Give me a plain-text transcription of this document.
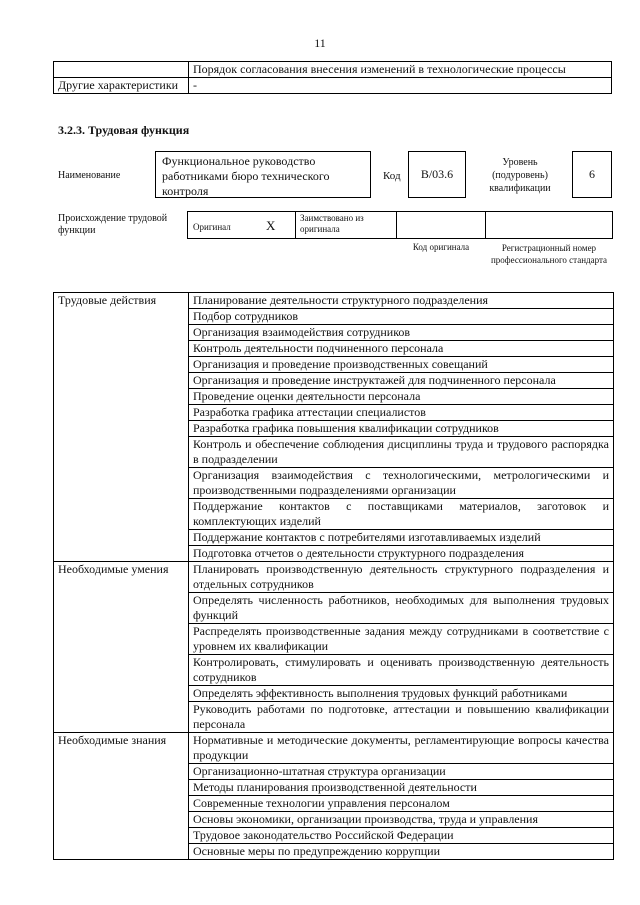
11
	Порядок согласования внесения изменений в технологические процессы
Другие характеристики	-
3.2.3. Трудовая функция
Наименование
Функциональное руководство работниками бюро технического контроля
Код B/03.6
Уровень (подуровень) квалификации
6
Происхождение трудовой функции	Оригинал	X	Заимствовано из оригинала
Код оригинала	Регистрационный номер профессионального стандарта
Трудовые действия	Планирование деятельности структурного подразделения
	Подбор сотрудников
	Организация взаимодействия сотрудников
	Контроль деятельности подчиненного персонала
	Организация и проведение производственных совещаний
	Организация и проведение инструктажей для подчиненного персонала
	Проведение оценки деятельности персонала
	Разработка графика аттестации специалистов
	Разработка графика повышения квалификации сотрудников
	Контроль и обеспечение соблюдения дисциплины труда и трудового распорядка в подразделении
	Организация взаимодействия с технологическими, метрологическими и производственными подразделениями организации
	Поддержание контактов с поставщиками материалов, заготовок и комплектующих изделий
	Поддержание контактов с потребителями изготавливаемых изделий
	Подготовка отчетов о деятельности структурного подразделения
Необходимые умения	Планировать производственную деятельность структурного подразделения и отдельных сотрудников
	Определять численность работников, необходимых для выполнения трудовых функций
	Распределять производственные задания между сотрудниками в соответствие с уровнем их квалификации
	Контролировать, стимулировать и оценивать производственную деятельность сотрудников
	Определять эффективность выполнения трудовых функций работниками
	Руководить работами по подготовке, аттестации и повышению квалификации персонала
Необходимые знания	Нормативные и методические документы, регламентирующие вопросы качества продукции
	Организационно-штатная структура организации
	Методы планирования производственной деятельности
	Современные технологии управления персоналом
	Основы экономики, организации производства, труда и управления
	Трудовое законодательство Российской Федерации
	Основные меры по предупреждению коррупции
